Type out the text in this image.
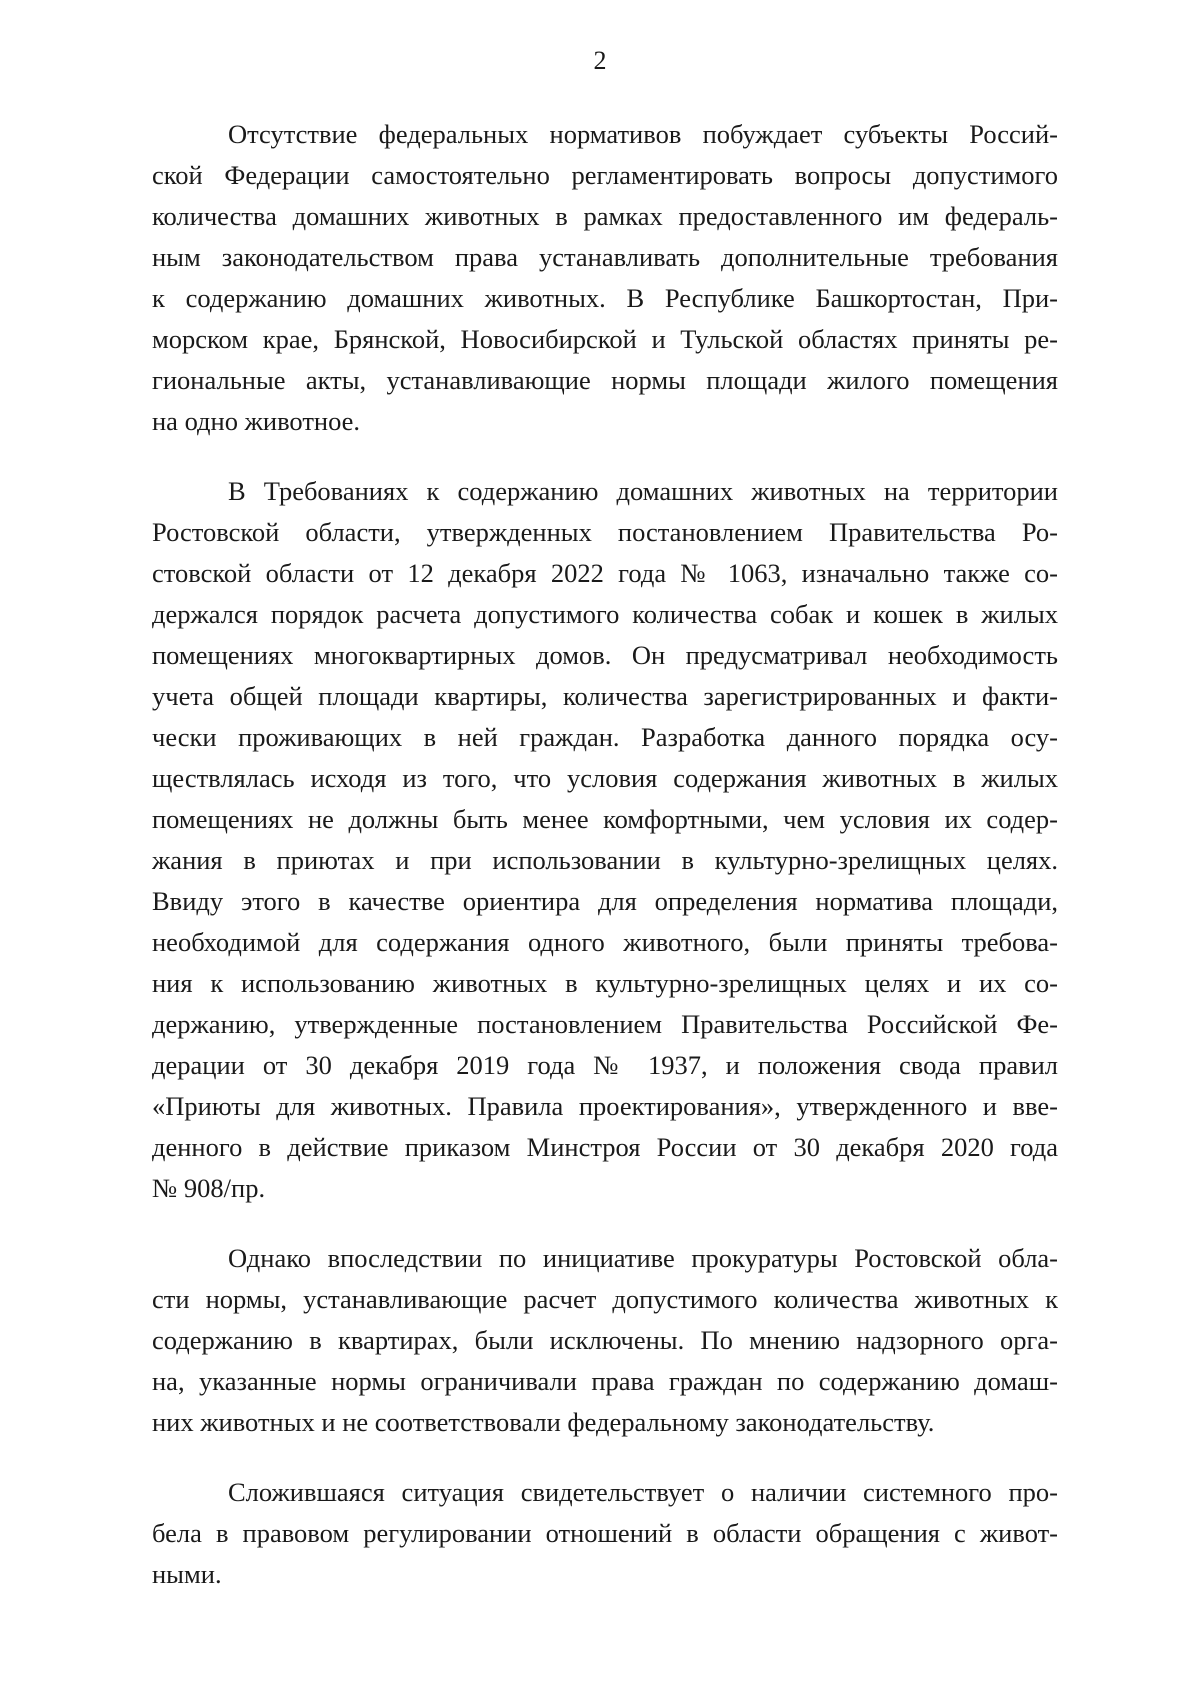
2

Отсутствие федеральных нормативов побуждает субъекты Россий-
ской Федерации самостоятельно регламентировать вопросы допустимого
количества домашних животных в рамках предоставленного им федераль-
ным законодательством права устанавливать дополнительные требования
к содержанию домашних животных. В Республике Башкортостан, При-
морском крае, Брянской, Новосибирской и Тульской областях приняты ре-
гиональные акты, устанавливающие нормы площади жилого помещения
на одно животное.

В Требованиях к содержанию домашних животных на территории
Ростовской области, утвержденных постановлением Правительства Ро-
стовской области от 12 декабря 2022 года № 1063, изначально также со-
держался порядок расчета допустимого количества собак и кошек в жилых
помещениях многоквартирных домов. Он предусматривал необходимость
учета общей площади квартиры, количества зарегистрированных и факти-
чески проживающих в ней граждан. Разработка данного порядка осу-
ществлялась исходя из того, что условия содержания животных в жилых
помещениях не должны быть менее комфортными, чем условия их содер-
жания в приютах и при использовании в культурно-зрелищных целях.
Ввиду этого в качестве ориентира для определения норматива площади,
необходимой для содержания одного животного, были приняты требова-
ния к использованию животных в культурно-зрелищных целях и их со-
держанию, утвержденные постановлением Правительства Российской Фе-
дерации от 30 декабря 2019 года № 1937, и положения свода правил
«Приюты для животных. Правила проектирования», утвержденного и вве-
денного в действие приказом Минстроя России от 30 декабря 2020 года
№ 908/пр.

Однако впоследствии по инициативе прокуратуры Ростовской обла-
сти нормы, устанавливающие расчет допустимого количества животных к
содержанию в квартирах, были исключены. По мнению надзорного орга-
на, указанные нормы ограничивали права граждан по содержанию домаш-
них животных и не соответствовали федеральному законодательству.

Сложившаяся ситуация свидетельствует о наличии системного про-
бела в правовом регулировании отношений в области обращения с живот-
ными.
